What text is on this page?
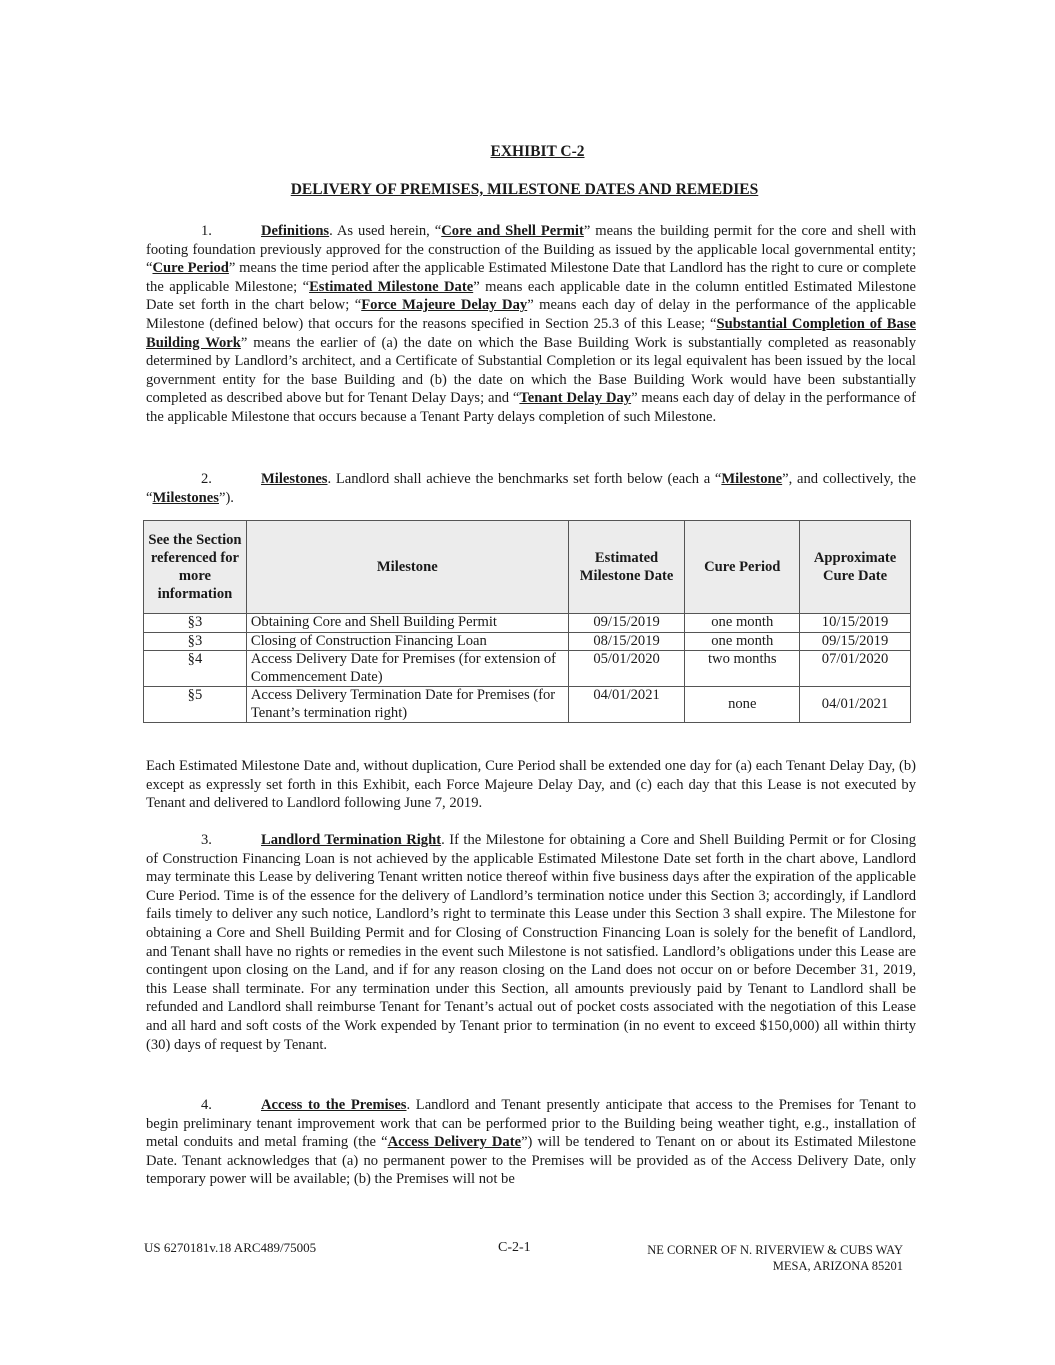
EXHIBIT C-2
DELIVERY OF PREMISES, MILESTONE DATES AND REMEDIES
1.	Definitions. As used herein, “Core and Shell Permit” means the building permit for the core and shell with footing foundation previously approved for the construction of the Building as issued by the applicable local governmental entity; “Cure Period” means the time period after the applicable Estimated Milestone Date that Landlord has the right to cure or complete the applicable Milestone; “Estimated Milestone Date” means each applicable date in the column entitled Estimated Milestone Date set forth in the chart below; “Force Majeure Delay Day” means each day of delay in the performance of the applicable Milestone (defined below) that occurs for the reasons specified in Section 25.3 of this Lease; “Substantial Completion of Base Building Work” means the earlier of (a) the date on which the Base Building Work is substantially completed as reasonably determined by Landlord’s architect, and a Certificate of Substantial Completion or its legal equivalent has been issued by the local government entity for the base Building and (b) the date on which the Base Building Work would have been substantially completed as described above but for Tenant Delay Days; and “Tenant Delay Day” means each day of delay in the performance of the applicable Milestone that occurs because a Tenant Party delays completion of such Milestone.
2.	Milestones. Landlord shall achieve the benchmarks set forth below (each a “Milestone”, and collectively, the “Milestones”).
See the Section referenced for more information	Milestone	Estimated Milestone Date	Cure Period	Approximate Cure Date
§3	Obtaining Core and Shell Building Permit	09/15/2019	one month	10/15/2019
§3	Closing of Construction Financing Loan	08/15/2019	one month	09/15/2019
§4	Access Delivery Date for Premises (for extension of Commencement Date)	05/01/2020	two months	07/01/2020
§5	Access Delivery Termination Date for Premises (for Tenant’s termination right)	04/01/2021	none	04/01/2021
Each Estimated Milestone Date and, without duplication, Cure Period shall be extended one day for (a) each Tenant Delay Day, (b) except as expressly set forth in this Exhibit, each Force Majeure Delay Day, and (c) each day that this Lease is not executed by Tenant and delivered to Landlord following June 7, 2019.
3.	Landlord Termination Right. If the Milestone for obtaining a Core and Shell Building Permit or for Closing of Construction Financing Loan is not achieved by the applicable Estimated Milestone Date set forth in the chart above, Landlord may terminate this Lease by delivering Tenant written notice thereof within five business days after the expiration of the applicable Cure Period. Time is of the essence for the delivery of Landlord’s termination notice under this Section 3; accordingly, if Landlord fails timely to deliver any such notice, Landlord’s right to terminate this Lease under this Section 3 shall expire. The Milestone for obtaining a Core and Shell Building Permit and for Closing of Construction Financing Loan is solely for the benefit of Landlord, and Tenant shall have no rights or remedies in the event such Milestone is not satisfied. Landlord’s obligations under this Lease are contingent upon closing on the Land, and if for any reason closing on the Land does not occur on or before December 31, 2019, this Lease shall terminate. For any termination under this Section, all amounts previously paid by Tenant to Landlord shall be refunded and Landlord shall reimburse Tenant for Tenant’s actual out of pocket costs associated with the negotiation of this Lease and all hard and soft costs of the Work expended by Tenant prior to termination (in no event to exceed $150,000) all within thirty (30) days of request by Tenant.
4.	Access to the Premises. Landlord and Tenant presently anticipate that access to the Premises for Tenant to begin preliminary tenant improvement work that can be performed prior to the Building being weather tight, e.g., installation of metal conduits and metal framing (the “Access Delivery Date”) will be tendered to Tenant on or about its Estimated Milestone Date. Tenant acknowledges that (a) no permanent power to the Premises will be provided as of the Access Delivery Date, only temporary power will be available; (b) the Premises will not be
US 6270181v.18 ARC489/75005	C-2-1	NE CORNER OF N. RIVERVIEW & CUBS WAY
MESA, ARIZONA 85201
